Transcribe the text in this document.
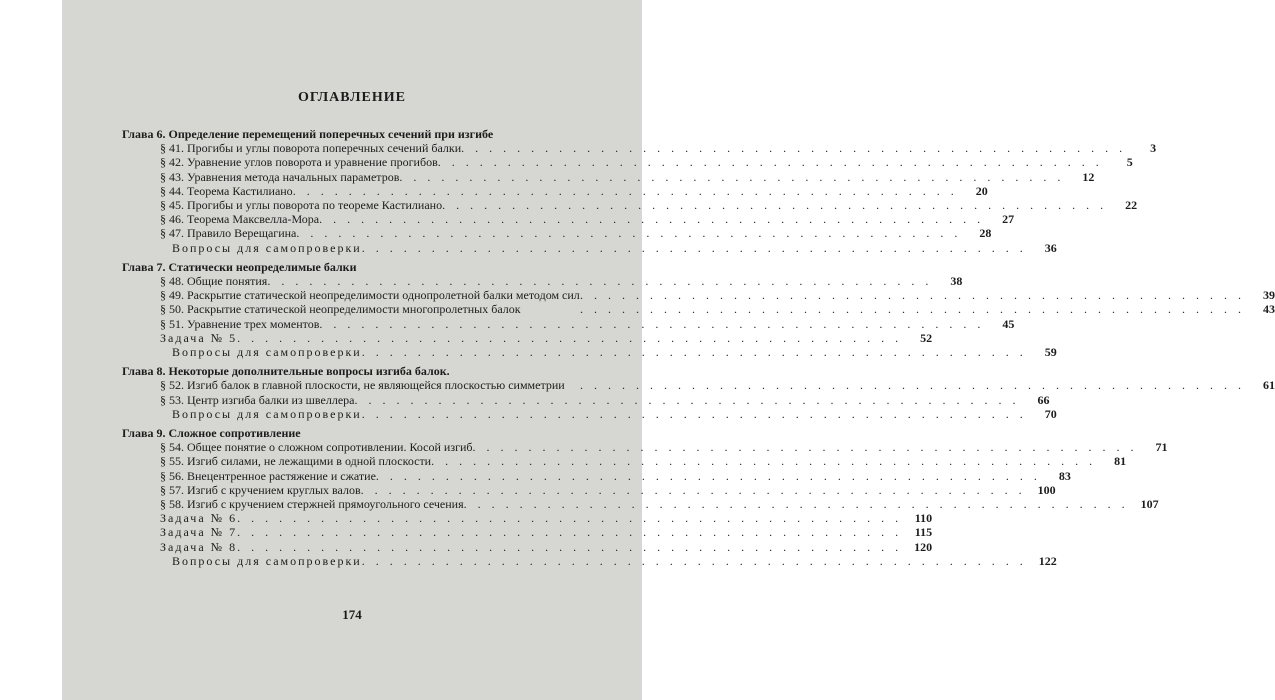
ОГЛАВЛЕНИЕ
Глава 6. Определение перемещений поперечных сечений при изгибе
§ 41. Прогибы и углы поворота поперечных сечений балки . . .	3
§ 42. Уравнение углов поворота и уравнение прогибов . . .	5
§ 43. Уравнения метода начальных параметров . . .	12
§ 44. Теорема Кастилиано . . .	20
§ 45. Прогибы и углы поворота по теореме Кастилиано . . .	22
§ 46. Теорема Максвелла-Мора . . .	27
§ 47. Правило Верещагина . . .	28
Вопросы для самопроверки . . .	36
Глава 7. Статически неопределимые балки
§ 48. Общие понятия . . .	38
§ 49. Раскрытие статической неопределимости однопролетной балки методом сил . . .	39
§ 50. Раскрытие статической неопределимости многопролетных балок . . .	43
§ 51. Уравнение трех моментов . . .	45
Задача № 5 . . .	52
Вопросы для самопроверки . . .	59
Глава 8. Некоторые дополнительные вопросы изгиба балок.
§ 52. Изгиб балок в главной плоскости, не являющейся плоскостью симметрии . . .	61
§ 53. Центр изгиба балки из швеллера . . .	66
Вопросы для самопроверки . . .	70
Глава 9. Сложное сопротивление
§ 54. Общее понятие о сложном сопротивлении. Косой изгиб . . .	71
§ 55. Изгиб силами, не лежащими в одной плоскости . . .	81
§ 56. Внецентренное растяжение и сжатие . . .	83
§ 57. Изгиб с кручением круглых валов . . .	100
§ 58. Изгиб с кручением стержней прямоугольного сечения . . .	107
Задача № 6 . . .	110
Задача № 7 . . .	115
Задача № 8 . . .	120
Вопросы для самопроверки . . .	122
174
